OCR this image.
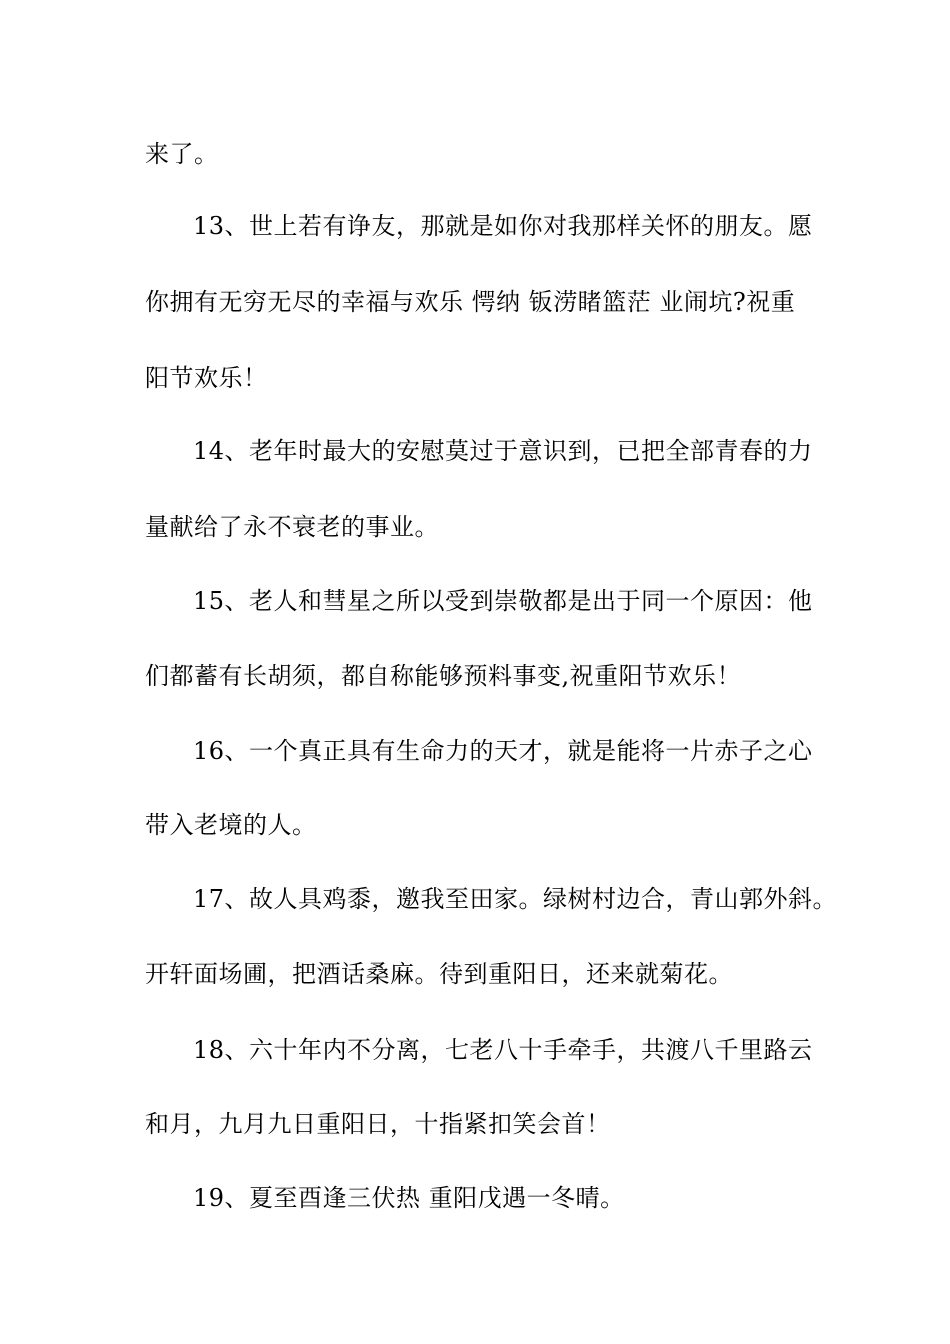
来了。
13、世上若有诤友，那就是如你对我那样关怀的朋友。愿
你拥有无穷无尽的幸福与欢乐 愕纳 钣涝睹篮茫 业闹坑?祝重
阳节欢乐！
14、老年时最大的安慰莫过于意识到，已把全部青春的力
量献给了永不衰老的事业。
15、老人和彗星之所以受到崇敬都是出于同一个原因：他
们都蓄有长胡须，都自称能够预料事变,祝重阳节欢乐！
16、一个真正具有生命力的天才，就是能将一片赤子之心
带入老境的人。
17、故人具鸡黍，邀我至田家。绿树村边合，青山郭外斜。
开轩面场圃，把酒话桑麻。待到重阳日，还来就菊花。
18、六十年内不分离，七老八十手牵手，共渡八千里路云
和月，九月九日重阳日，十指紧扣笑会首！
19、夏至酉逢三伏热 重阳戊遇一冬晴。
